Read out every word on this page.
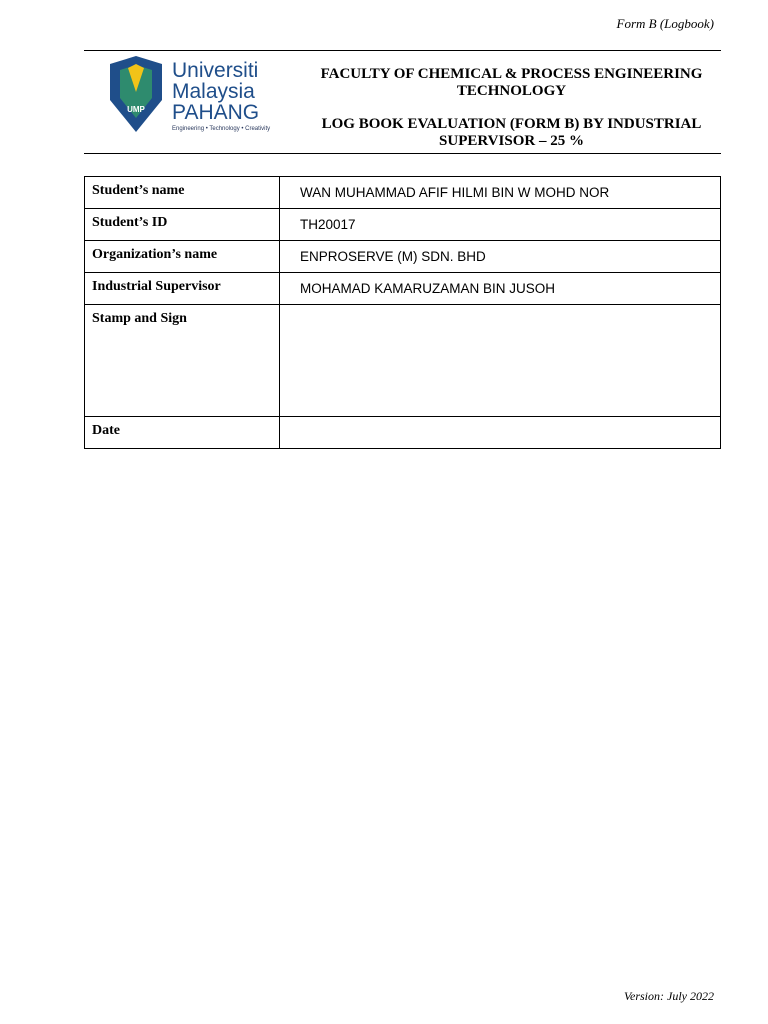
Form B (Logbook)
UMP
Universiti
Malaysia
PAHANG
Engineering • Technology • Creativity
FACULTY OF CHEMICAL & PROCESS ENGINEERING TECHNOLOGY
LOG BOOK EVALUATION (FORM B) BY INDUSTRIAL SUPERVISOR – 25 %
Student’s name	WAN MUHAMMAD AFIF HILMI BIN W MOHD NOR
Student’s ID	TH20017
Organization’s name	ENPROSERVE (M) SDN. BHD
Industrial Supervisor	MOHAMAD KAMARUZAMAN BIN JUSOH
Stamp and Sign	
Date	
Version: July 2022
